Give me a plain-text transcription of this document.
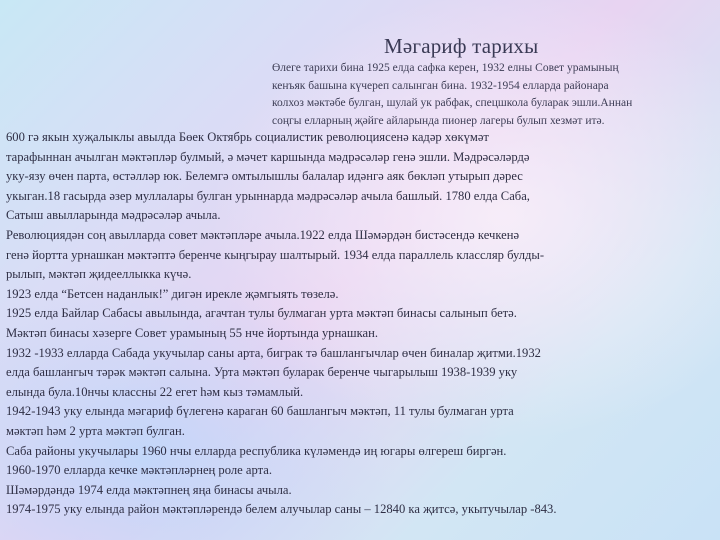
Мәгариф тарихы
Өлеге тарихи бина 1925 елда сафка керен, 1932 елны Совет урамының
кенъяк башына күчереп салынган бина. 1932-1954 елларда районара
колхоз мәктәбе булган, шулай ук рабфак, спецшкола буларак эшли.Аннан
соңгы елларның җәйге айларында пионер лагеры булып хезмәт итә.
600 гә якын хуҗалыклы авылда Бөек Октябрь социалистик революциясенә кадәр хөкүмәт
тарафыннан ачылган мәктәпләр булмый, ә мәчет каршында мәдрәсәләр генә эшли. Мәдрәсәләрдә
уку-язу өчен парта, өстәлләр юк. Белемгә омтылышлы балалар идәнгә аяк бөкләп утырып дәрес
укыган.18 гасырда әзер муллалары булган урыннарда мәдрәсәләр ачыла башлый. 1780 елда Саба,
Сатыш авылларында мәдрәсәләр ачыла.
Революциядән соң авылларда совет мәктәпләре ачыла.1922 елда Шәмәрдән бистәсендә кечкенә
генә йортта урнашкан мәктәптә беренче кыңгырау шалтырый. 1934 елда параллель классляр булды-
рылып, мәктәп җидееллыкка күчә.
1923 елда “Бетсен наданлык!” дигән ирекле җәмгыять төзелә.
1925 елда Байлар Сабасы авылында, агачтан тулы булмаган урта мәктәп бинасы салынып бетә.
Мәктәп бинасы хәзерге Совет урамының 55 нче йортында урнашкан.
1932 -1933 елларда Сабада укучылар саны арта, биграк тә башлангычлар өчен биналар җитми.1932
елда башлангыч тәрәк мәктәп салына. Урта мәктәп буларак беренче чыгарылыш 1938-1939 уку
елында була.10нчы классны 22 егет һәм кыз тәмамлый.
1942-1943 уку елында мәгариф бүлегенә караган 60 башлангыч мәктәп, 11 тулы булмаган урта
мәктәп һәм 2 урта мәктәп булган.
Саба районы укучылары 1960 нчы елларда республика күләмендә иң югары өлгереш биргән.
1960-1970 елларда кечке мәктәпләрнең роле арта.
Шәмәрдәндә 1974 елда мәктәпнең яңа бинасы ачыла.
1974-1975 уку елында район мәктәпләрендә белем алучылар саны – 12840 ка җитсә, укытучылар -843.
